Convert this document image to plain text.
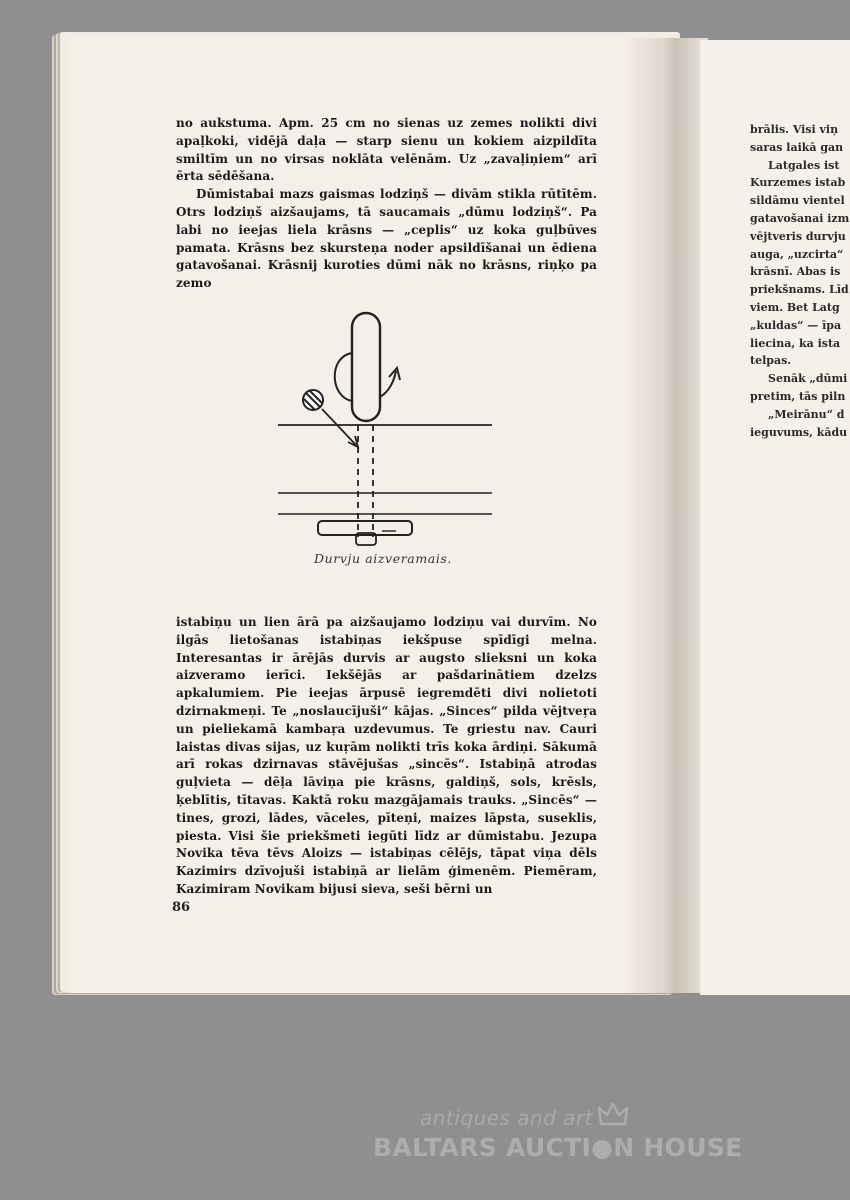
no aukstuma. Apm. 25 cm no sienas uz zemes nolikti divi apaļkoki, vidējā daļa — starp sienu un kokiem aizpildīta smiltīm un no virsas noklāta velēnām. Uz „zavaļiņiem“ arī ērta sēdēšana.

Dūmistabai mazs gaismas lodziņš — divām stikla rūtītēm. Otrs lodziņš aizšaujams, tā saucamais „dūmu lodziņš“. Pa labi no ieejas liela krāsns — „ceplis“ uz koka guļbūves pamata. Krāsns bez skursteņa noder apsildīšanai un ēdiena gatavošanai. Krāsnij kuroties dūmi nāk no krāsns, riņķo pa zemo

Durvju aizveramais.

istabiņu un lien ārā pa aizšaujamo lodziņu vai durvīm. No ilgās lietošanas istabiņas iekšpuse spīdīgi melna. Interesantas ir ārējās durvis ar augsto slieksni un koka aizveramo ierīci. Iekšējās ar pašdarinātiem dzelzs apkalumiem. Pie ieejas ārpusē iegremdēti divi nolietoti dzirnakmeņi. Te „noslaucījuši“ kājas. „Sinces“ pilda vējtveŗa un pieliekamā kambaŗa uzdevumus. Te griestu nav. Cauri laistas divas sijas, uz kuŗām nolikti trīs koka ārdiņi. Sākumā arī rokas dzirnavas stāvējušas „sincēs“. Istabiņā atrodas guļvieta — dēļa lāviņa pie krāsns, galdiņš, sols, krēsls, ķeblītis, tītavas. Kaktā roku mazgājamais trauks. „Sincēs“ — tines, grozi, lādes, vāceles, pīteņi, maizes lāpsta, suseklis, piesta. Visi šie priekšmeti iegūti līdz ar dūmistabu. Jezupa Novika tēva tēvs Aloizs — istabiņas cēlējs, tāpat viņa dēls Kazimirs dzīvojuši istabiņā ar lielām ģimenēm. Piemēram, Kazimiram Novikam bijusi sieva, seši bērni un

86
brālis. Visi viņ
saras laikā gan
Latgales ist
Kurzemes istab
sildāmu vientel
gatavošanai izm
vējtveris durvju
auga, „uzcirta“
krāsnī. Abas is
priekšnams. Līd
viem. Bet Latg
„kuldas“ — īpa
liecina, ka ista
telpas.
Senāk „dūmi
pretim, tās piln
„Meirānu“ d
ieguvums, kādu
antiques and art
BALTARS AUCTI●N HOUSE
